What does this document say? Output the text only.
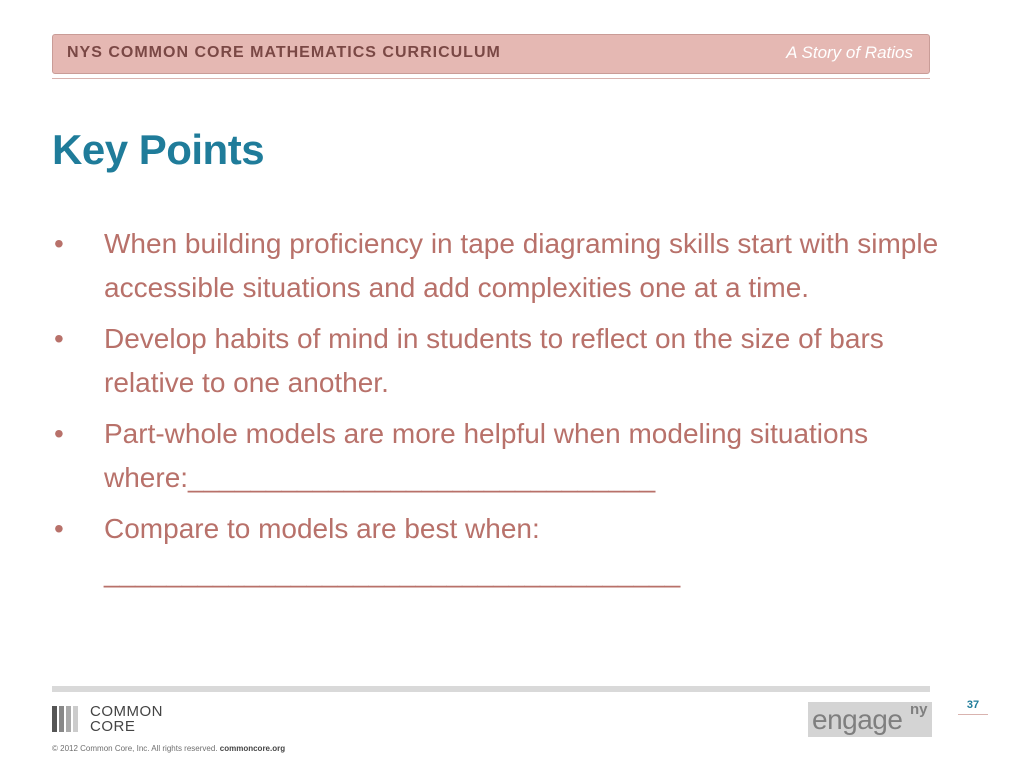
NYS COMMON CORE MATHEMATICS CURRICULUM	A Story of Ratios
Key Points
• When building proficiency in tape diagraming skills start with simple accessible situations and add complexities one at a time.
• Develop habits of mind in students to reflect on the size of bars relative to one another.
• Part-whole models are more helpful when modeling situations where:______________________________
• Compare to models are best when: _____________________________________
COMMON
CORE
© 2012 Common Core, Inc. All rights reserved. commoncore.org
engage ny	37
